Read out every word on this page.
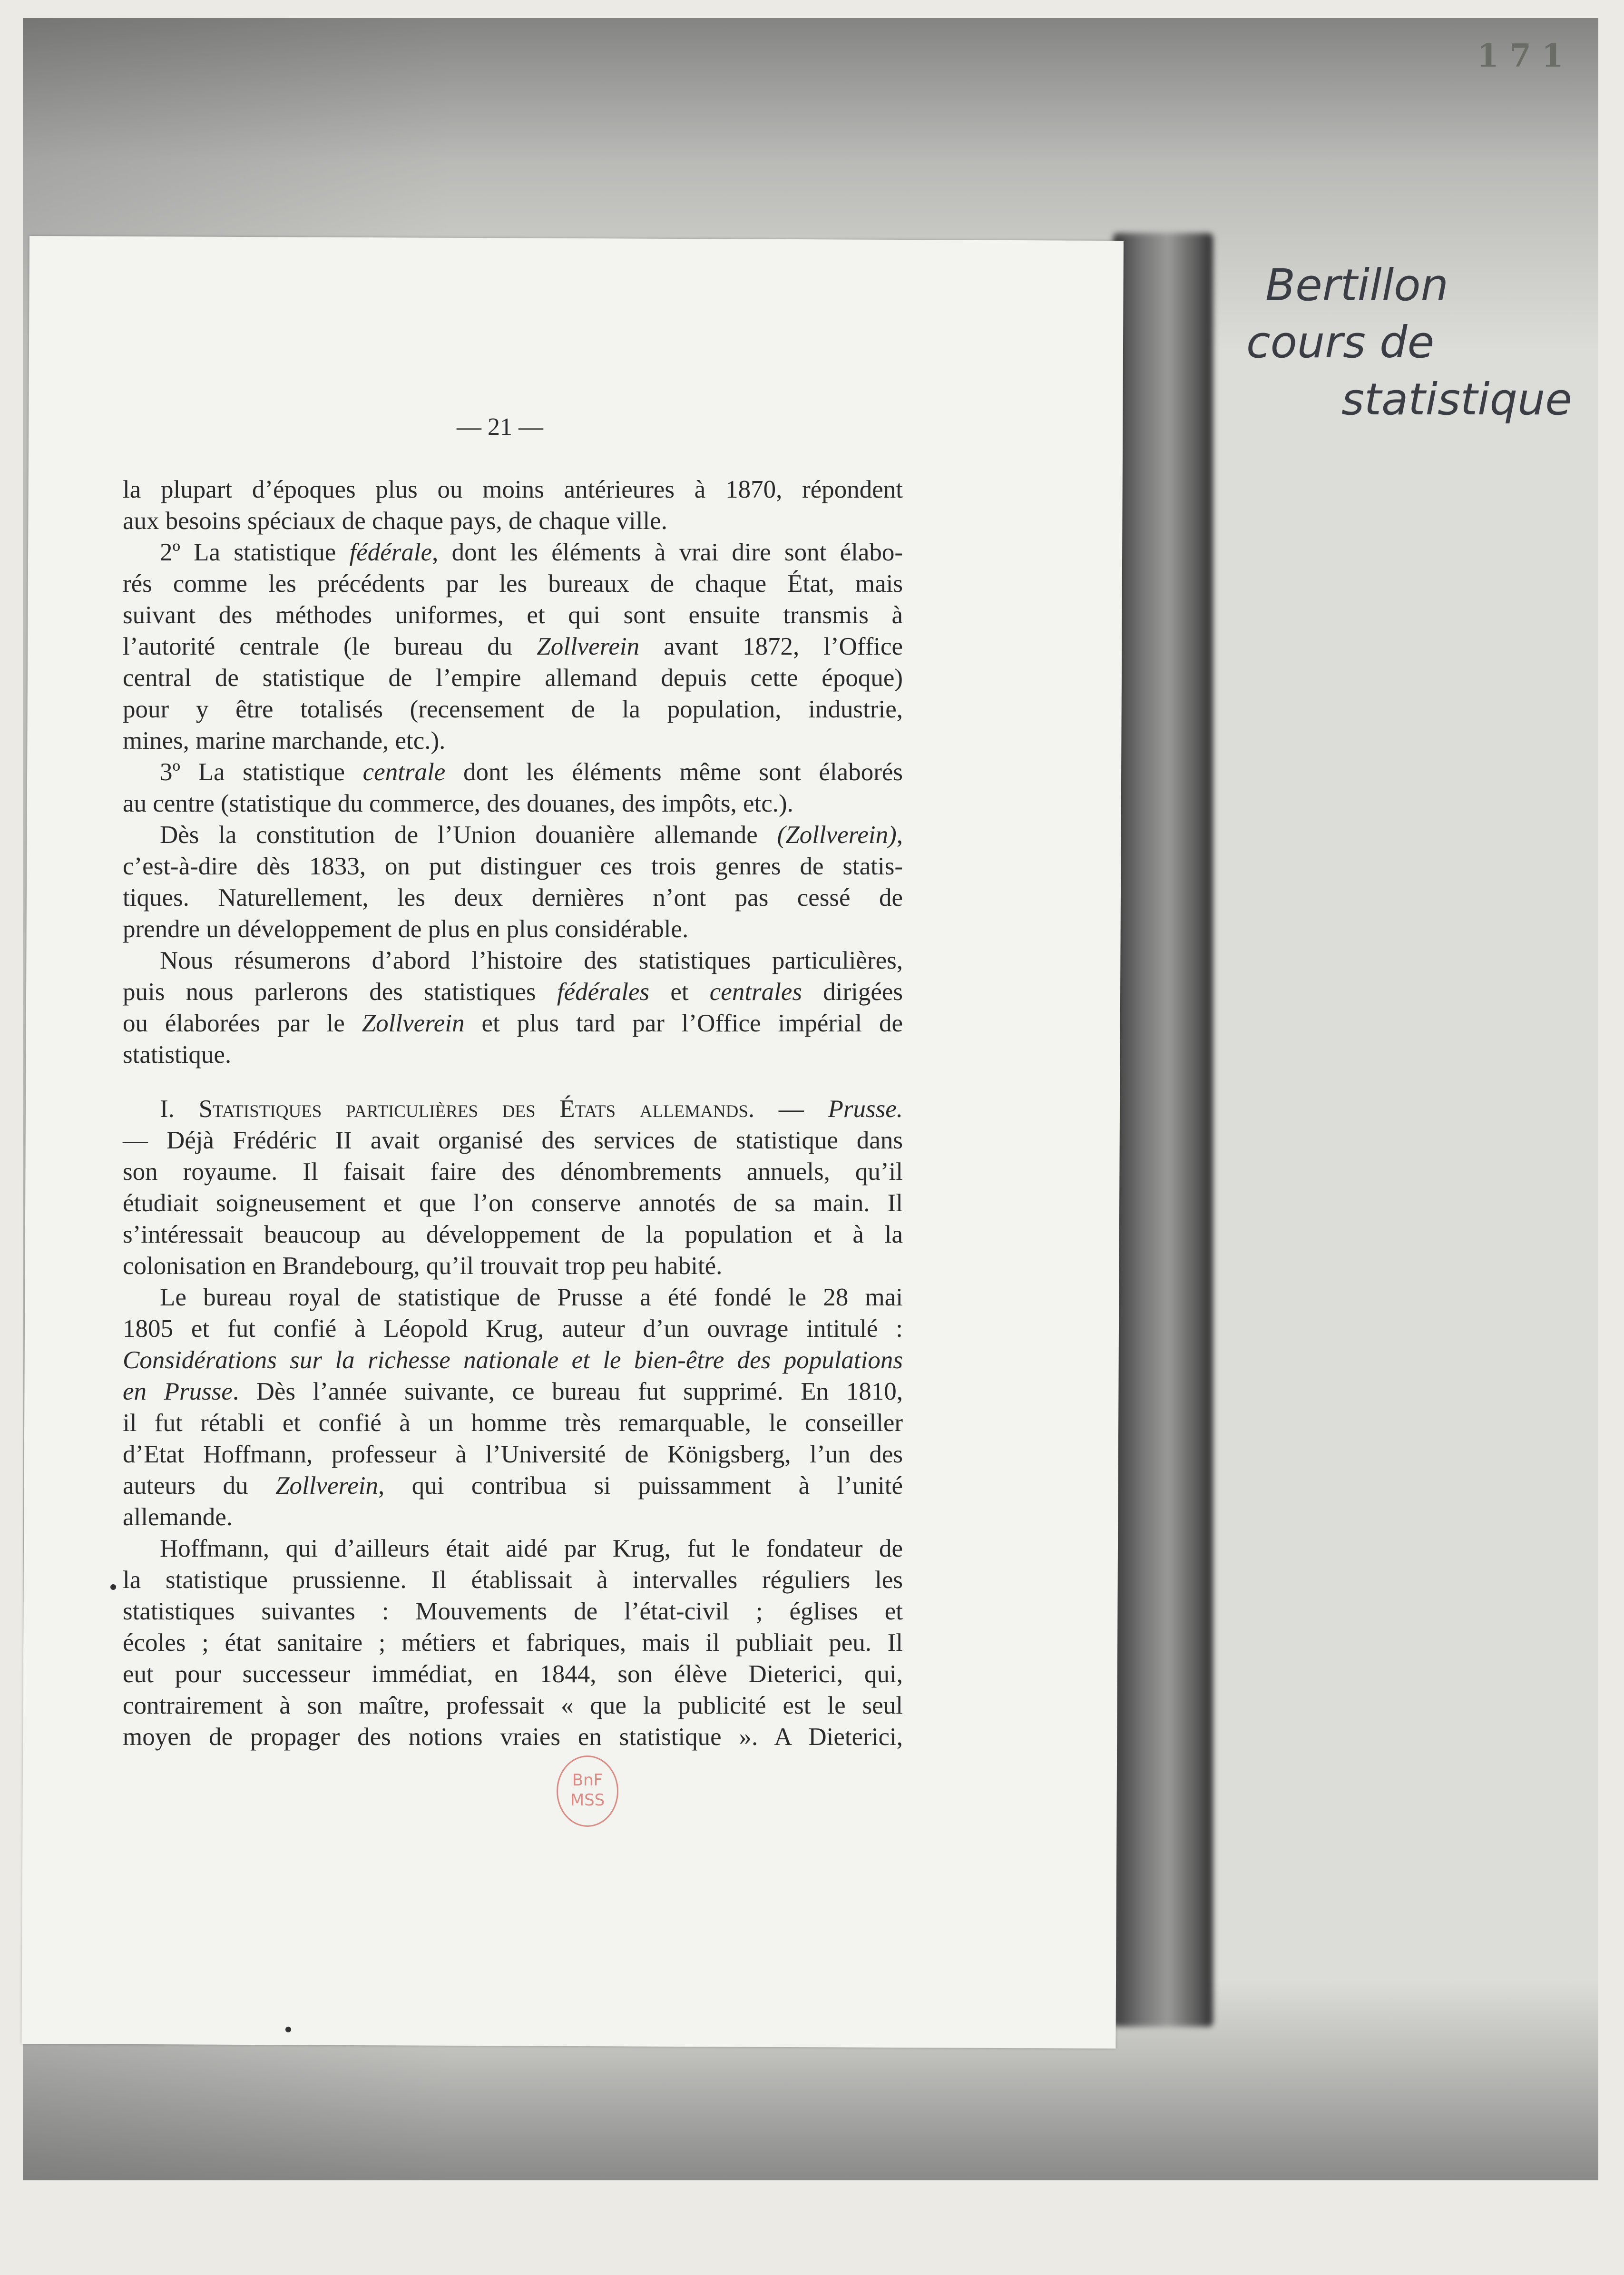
171
Bertillon
cours de
statistique
— 21 —
la plupart d’époques plus ou moins antérieures à 1870, répondent
aux besoins spéciaux de chaque pays, de chaque ville.
2º La statistique fédérale, dont les éléments à vrai dire sont élabo-
rés comme les précédents par les bureaux de chaque État, mais
suivant des méthodes uniformes, et qui sont ensuite transmis à
l’autorité centrale (le bureau du Zollverein avant 1872, l’Office
central de statistique de l’empire allemand depuis cette époque)
pour y être totalisés (recensement de la population, industrie,
mines, marine marchande, etc.).
3º La statistique centrale dont les éléments même sont élaborés
au centre (statistique du commerce, des douanes, des impôts, etc.).
Dès la constitution de l’Union douanière allemande (Zollverein),
c’est-à-dire dès 1833, on put distinguer ces trois genres de statis-
tiques. Naturellement, les deux dernières n’ont pas cessé de
prendre un développement de plus en plus considérable.
Nous résumerons d’abord l’histoire des statistiques particulières,
puis nous parlerons des statistiques fédérales et centrales dirigées
ou élaborées par le Zollverein et plus tard par l’Office impérial de
statistique.
I. Statistiques particulières des États allemands. — Prusse.
— Déjà Frédéric II avait organisé des services de statistique dans
son royaume. Il faisait faire des dénombrements annuels, qu’il
étudiait soigneusement et que l’on conserve annotés de sa main. Il
s’intéressait beaucoup au développement de la population et à la
colonisation en Brandebourg, qu’il trouvait trop peu habité.
Le bureau royal de statistique de Prusse a été fondé le 28 mai
1805 et fut confié à Léopold Krug, auteur d’un ouvrage intitulé :
Considérations sur la richesse nationale et le bien-être des populations
en Prusse. Dès l’année suivante, ce bureau fut supprimé. En 1810,
il fut rétabli et confié à un homme très remarquable, le conseiller
d’Etat Hoffmann, professeur à l’Université de Königsberg, l’un des
auteurs du Zollverein, qui contribua si puissamment à l’unité
allemande.
Hoffmann, qui d’ailleurs était aidé par Krug, fut le fondateur de
la statistique prussienne. Il établissait à intervalles réguliers les
statistiques suivantes : Mouvements de l’état-civil ; églises et
écoles ; état sanitaire ; métiers et fabriques, mais il publiait peu. Il
eut pour successeur immédiat, en 1844, son élève Dieterici, qui,
contrairement à son maître, professait « que la publicité est le seul
moyen de propager des notions vraies en statistique ». A Dieterici,
BnF
MSS
